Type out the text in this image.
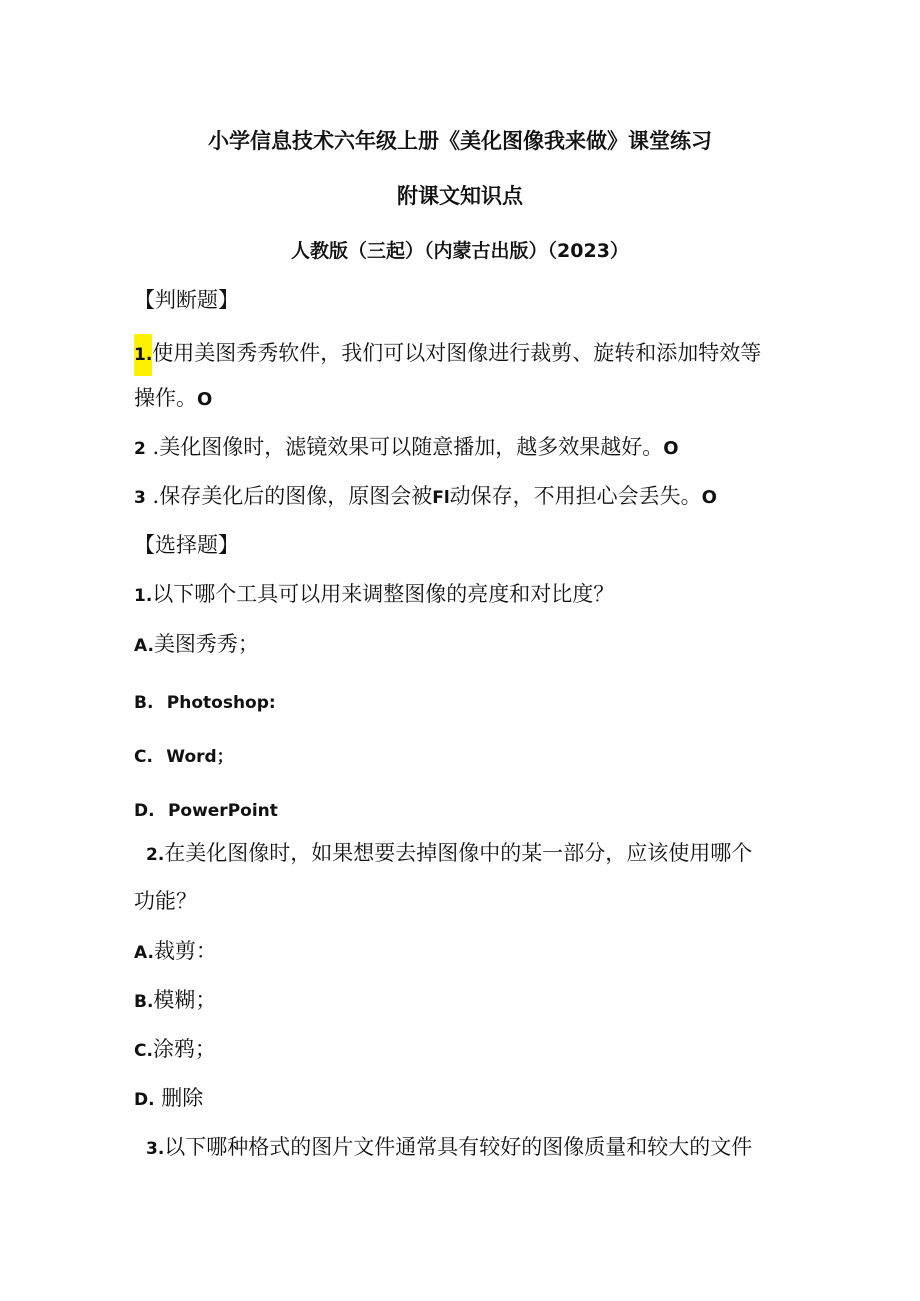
小学信息技术六年级上册《美化图像我来做》课堂练习
附课文知识点
人教版（三起）（内蒙古出版）（2023）
【判断题】
1.使用美图秀秀软件，我们可以对图像进行裁剪、旋转和添加特效等
操作。O
2 .美化图像时，滤镜效果可以随意播加，越多效果越好。O
3 .保存美化后的图像，原图会被Fl动保存，不用担心会丢失。O
【选择题】
1.以下哪个工具可以用来调整图像的亮度和对比度？
A.美图秀秀；
B. Photoshop:
C. Word；
D. PowerPoint
2.在美化图像时，如果想要去掉图像中的某一部分，应该使用哪个
功能？
A.裁剪：
B.模糊；
C.涂鸦；
D. 删除
3.以下哪种格式的图片文件通常具有较好的图像质量和较大的文件
